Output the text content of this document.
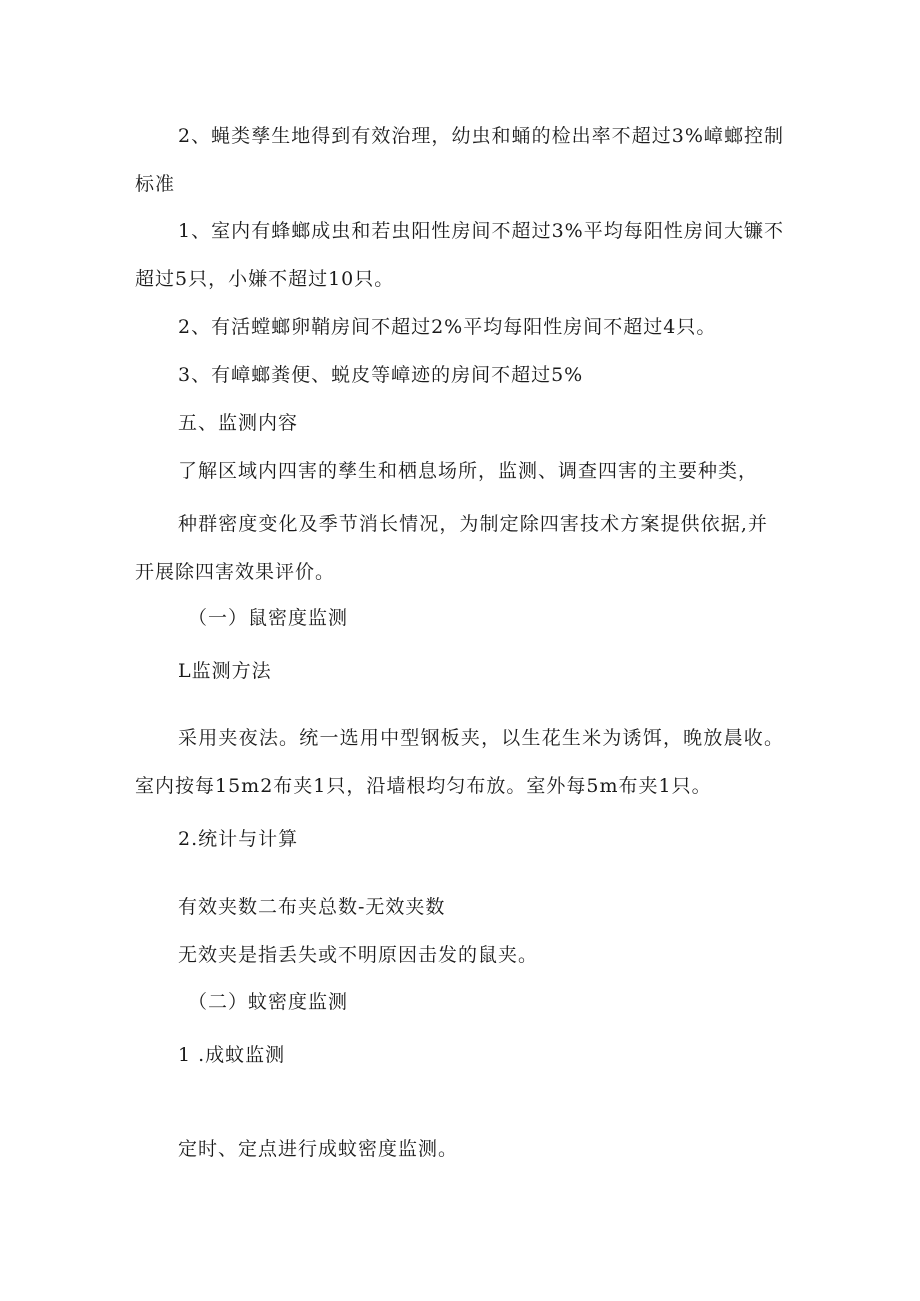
2、蝇类孳生地得到有效治理，幼虫和蛹的检出率不超过3%嶂螂控制
标准
1、室内有蜂螂成虫和若虫阳性房间不超过3%平均每阳性房间大镰不
超过5只，小嫌不超过10只。
2、有活螳螂卵鞘房间不超过2%平均每阳性房间不超过4只。
3、有嶂螂粪便、蜕皮等嶂迹的房间不超过5%
五、监测内容
了解区域内四害的孳生和栖息场所，监测、调查四害的主要种类，
种群密度变化及季节消长情况，为制定除四害技术方案提供依据,并
开展除四害效果评价。
（一）鼠密度监测
L监测方法
采用夹夜法。统一选用中型钢板夹，以生花生米为诱饵，晚放晨收。
室内按每15m2布夹1只，沿墙根均匀布放。室外每5m布夹1只。
2.统计与计算
有效夹数二布夹总数-无效夹数
无效夹是指丢失或不明原因击发的鼠夹。
（二）蚊密度监测
1 .成蚊监测
定时、定点进行成蚊密度监测。
